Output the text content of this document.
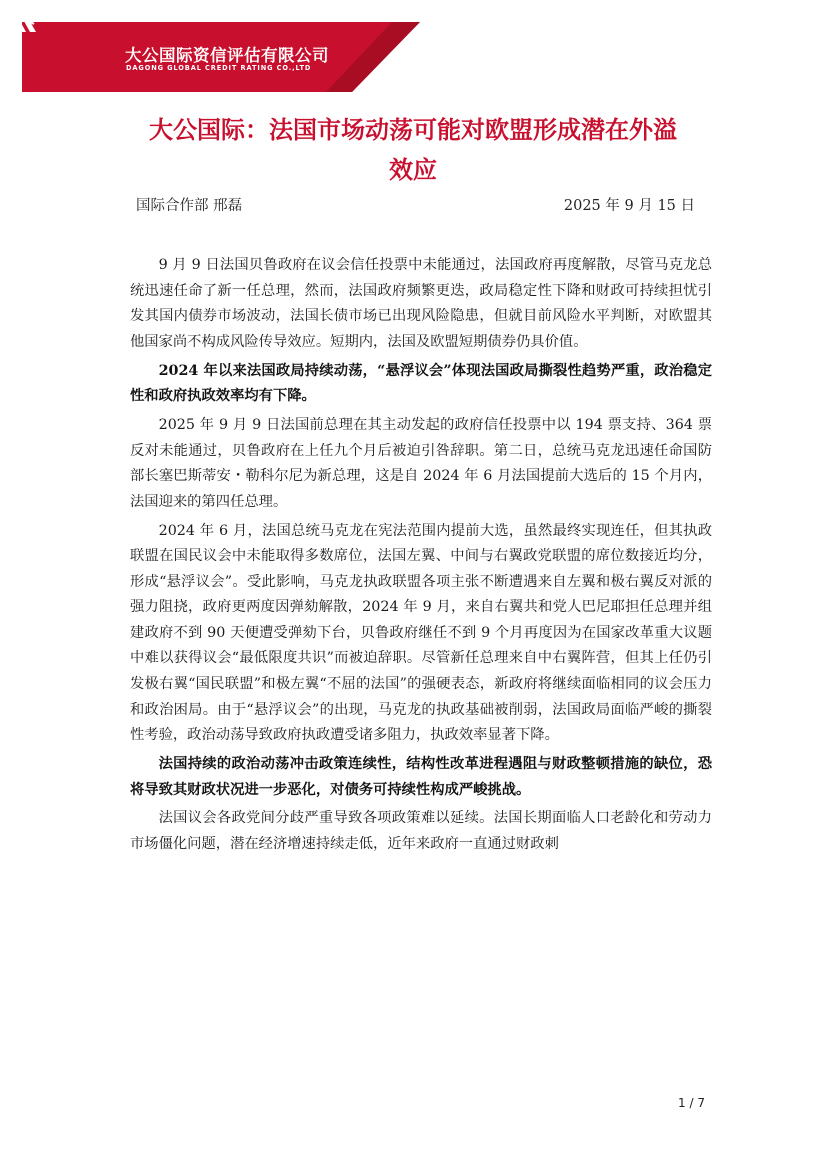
大公国际资信评估有限公司
DAGONG GLOBAL CREDIT RATING CO.,LTD
大公国际：法国市场动荡可能对欧盟形成潜在外溢
效应
国际合作部 邢磊	2025 年 9 月 15 日

9 月 9 日法国贝鲁政府在议会信任投票中未能通过，法国政府再度解散，尽管马克龙总统迅速任命了新一任总理，然而，法国政府频繁更迭，政局稳定性下降和财政可持续担忧引发其国内债券市场波动，法国长债市场已出现风险隐患，但就目前风险水平判断，对欧盟其他国家尚不构成风险传导效应。短期内，法国及欧盟短期债券仍具价值。

2024 年以来法国政局持续动荡，“悬浮议会”体现法国政局撕裂性趋势严重，政治稳定性和政府执政效率均有下降。

2025 年 9 月 9 日法国前总理在其主动发起的政府信任投票中以 194 票支持、364 票反对未能通过，贝鲁政府在上任九个月后被迫引咎辞职。第二日，总统马克龙迅速任命国防部长塞巴斯蒂安・勒科尔尼为新总理，这是自 2024 年 6 月法国提前大选后的 15 个月内，法国迎来的第四任总理。

2024 年 6 月，法国总统马克龙在宪法范围内提前大选，虽然最终实现连任，但其执政联盟在国民议会中未能取得多数席位，法国左翼、中间与右翼政党联盟的席位数接近均分，形成“悬浮议会”。受此影响，马克龙执政联盟各项主张不断遭遇来自左翼和极右翼反对派的强力阻挠，政府更两度因弹劾解散，2024 年 9 月，来自右翼共和党人巴尼耶担任总理并组建政府不到 90 天便遭受弹劾下台，贝鲁政府继任不到 9 个月再度因为在国家改革重大议题中难以获得议会“最低限度共识”而被迫辞职。尽管新任总理来自中右翼阵营，但其上任仍引发极右翼“国民联盟”和极左翼“不屈的法国”的强硬表态，新政府将继续面临相同的议会压力和政治困局。由于“悬浮议会”的出现，马克龙的执政基础被削弱，法国政局面临严峻的撕裂性考验，政治动荡导致政府执政遭受诸多阻力，执政效率显著下降。

法国持续的政治动荡冲击政策连续性，结构性改革进程遇阻与财政整顿措施的缺位，恐将导致其财政状况进一步恶化，对债务可持续性构成严峻挑战。

法国议会各政党间分歧严重导致各项政策难以延续。法国长期面临人口老龄化和劳动力市场僵化问题，潜在经济增速持续走低，近年来政府一直通过财政刺

1 / 7
